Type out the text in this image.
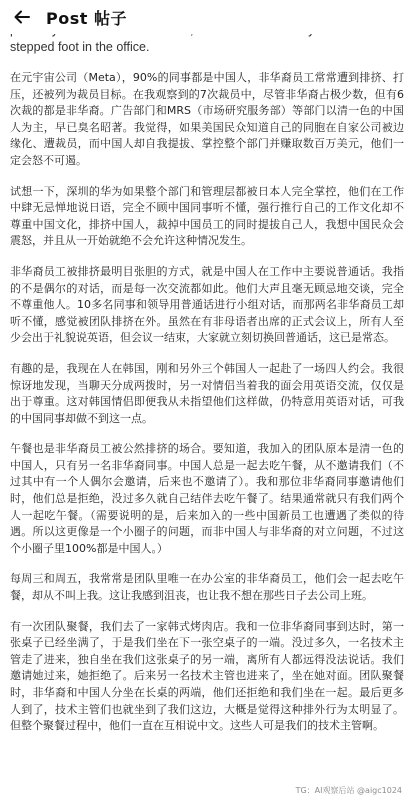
Post 帖子

stepped foot in the office.

在元宇宙公司（Meta），90%的同事都是中国人，非华裔员工常常遭到排挤、打压，还被列为裁员目标。在我观察到的7次裁员中，尽管非华裔占极少数，但有6次裁的都是非华裔。广告部门和MRS（市场研究服务部）等部门以清一色的中国人为主，早已臭名昭著。我觉得，如果美国民众知道自己的同胞在自家公司被边缘化、遭裁员，而中国人却自我提拔、掌控整个部门并赚取数百万美元，他们一定会怒不可遏。

试想一下，深圳的华为如果整个部门和管理层都被日本人完全掌控，他们在工作中肆无忌惮地说日语，完全不顾中国同事听不懂，强行推行自己的工作文化却不尊重中国文化，排挤中国人，裁掉中国员工的同时提拔自己人，我想中国民众会震怒，并且从一开始就绝不会允许这种情况发生。

非华裔员工被排挤最明目张胆的方式，就是中国人在工作中主要说普通话。我指的不是偶尔的对话，而是每一次交流都如此。他们大声且毫无顾忌地交谈，完全不尊重他人。10多名同事和领导用普通话进行小组对话，而那两名非华裔员工却听不懂，感觉被团队排挤在外。虽然在有非母语者出席的正式会议上，所有人至少会出于礼貌说英语，但会议一结束，大家就立刻切换回普通话，这已是常态。

有趣的是，我现在人在韩国，刚和另外三个韩国人一起赴了一场四人约会。我很惊讶地发现，当聊天分成两拨时，另一对情侣当着我的面会用英语交流，仅仅是出于尊重。这对韩国情侣即便我从未指望他们这样做，仍特意用英语对话，可我的中国同事却做不到这一点。

午餐也是非华裔员工被公然排挤的场合。要知道，我加入的团队原本是清一色的中国人，只有另一名非华裔同事。中国人总是一起去吃午餐，从不邀请我们（不过其中有一个人偶尔会邀请，后来也不邀请了）。我和那位非华裔同事邀请他们时，他们总是拒绝，没过多久就自己结伴去吃午餐了。结果通常就只有我们两个人一起吃午餐。（需要说明的是，后来加入的一些中国新员工也遭遇了类似的待遇。所以这更像是一个小圈子的问题，而非中国人与非华裔的对立问题，不过这个小圈子里100%都是中国人。）

每周三和周五，我常常是团队里唯一在办公室的非华裔员工，他们会一起去吃午餐，却从不叫上我。这让我感到沮丧，也让我不想在那些日子去公司上班。

有一次团队聚餐，我们去了一家韩式烤肉店。我和一位非华裔同事到达时，第一张桌子已经坐满了，于是我们坐在下一张空桌子的一端。没过多久，一名技术主管走了进来，独自坐在我们这张桌子的另一端，离所有人都远得没法说话。我们邀请她过来，她拒绝了。后来另一名技术主管也进来了，坐在她对面。团队聚餐时，非华裔和中国人分坐在长桌的两端，他们还拒绝和我们坐在一起。最后更多人到了，技术主管们也就坐到了我们这边，大概是觉得这种排外行为太明显了。但整个聚餐过程中，他们一直在互相说中文。这些人可是我们的技术主管啊。

TG：AI观察后站 @aigc1024
